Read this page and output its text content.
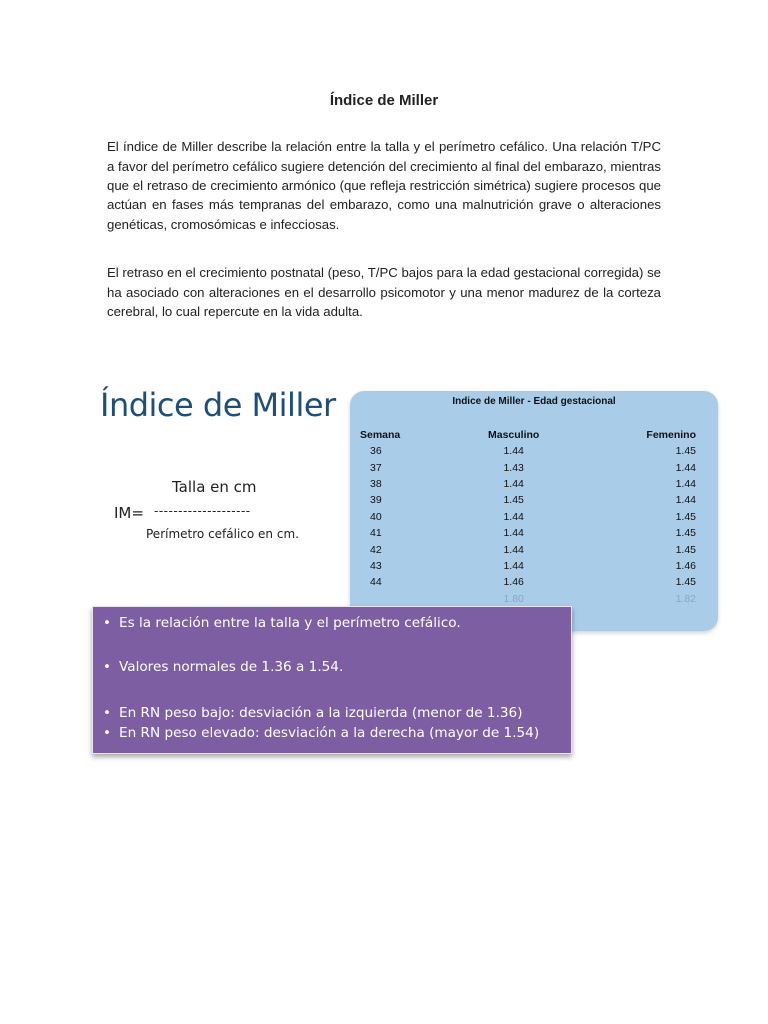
Índice de Miller

El índice de Miller describe la relación entre la talla y el perímetro cefálico. Una relación T/PC a favor del perímetro cefálico sugiere detención del crecimiento al final del embarazo, mientras que el retraso de crecimiento armónico (que refleja restricción simétrica) sugiere procesos que actúan en fases más tempranas del embarazo, como una malnutrición grave o alteraciones genéticas, cromosómicas e infecciosas.

El retraso en el crecimiento postnatal (peso, T/PC bajos para la edad gestacional corregida) se ha asociado con alteraciones en el desarrollo psicomotor y una menor madurez de la corteza cerebral, lo cual repercute en la vida adulta.

Índice de Miller
Talla en cm
IM= --------------------
Perímetro cefálico en cm.
Indice de Miller - Edad gestacional
Semana	Masculino	Femenino
36	1.44	1.45
37	1.43	1.44
38	1.44	1.44
39	1.45	1.44
40	1.44	1.45
41	1.44	1.45
42	1.44	1.45
43	1.44	1.46
44	1.46	1.45
	1.80	1.82
• Es la relación entre la talla y el perímetro cefálico.
• Valores normales de 1.36 a 1.54.
• En RN peso bajo: desviación a la izquierda (menor de 1.36)
• En RN peso elevado: desviación a la derecha (mayor de 1.54)
